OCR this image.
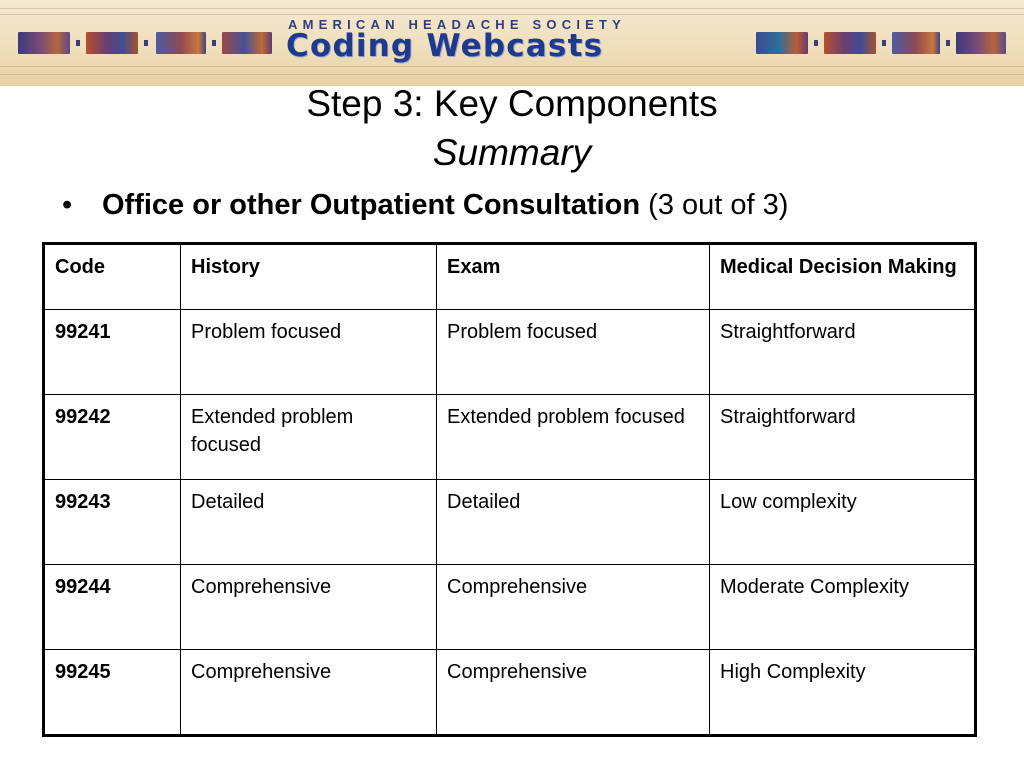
AMERICAN HEADACHE SOCIETY
Coding Webcasts
Step 3: Key Components
Summary
• Office or other Outpatient Consultation (3 out of 3)
Code	History	Exam	Medical Decision Making
99241	Problem focused	Problem focused	Straightforward
99242	Extended problem focused	Extended problem focused	Straightforward
99243	Detailed	Detailed	Low complexity
99244	Comprehensive	Comprehensive	Moderate Complexity
99245	Comprehensive	Comprehensive	High Complexity
